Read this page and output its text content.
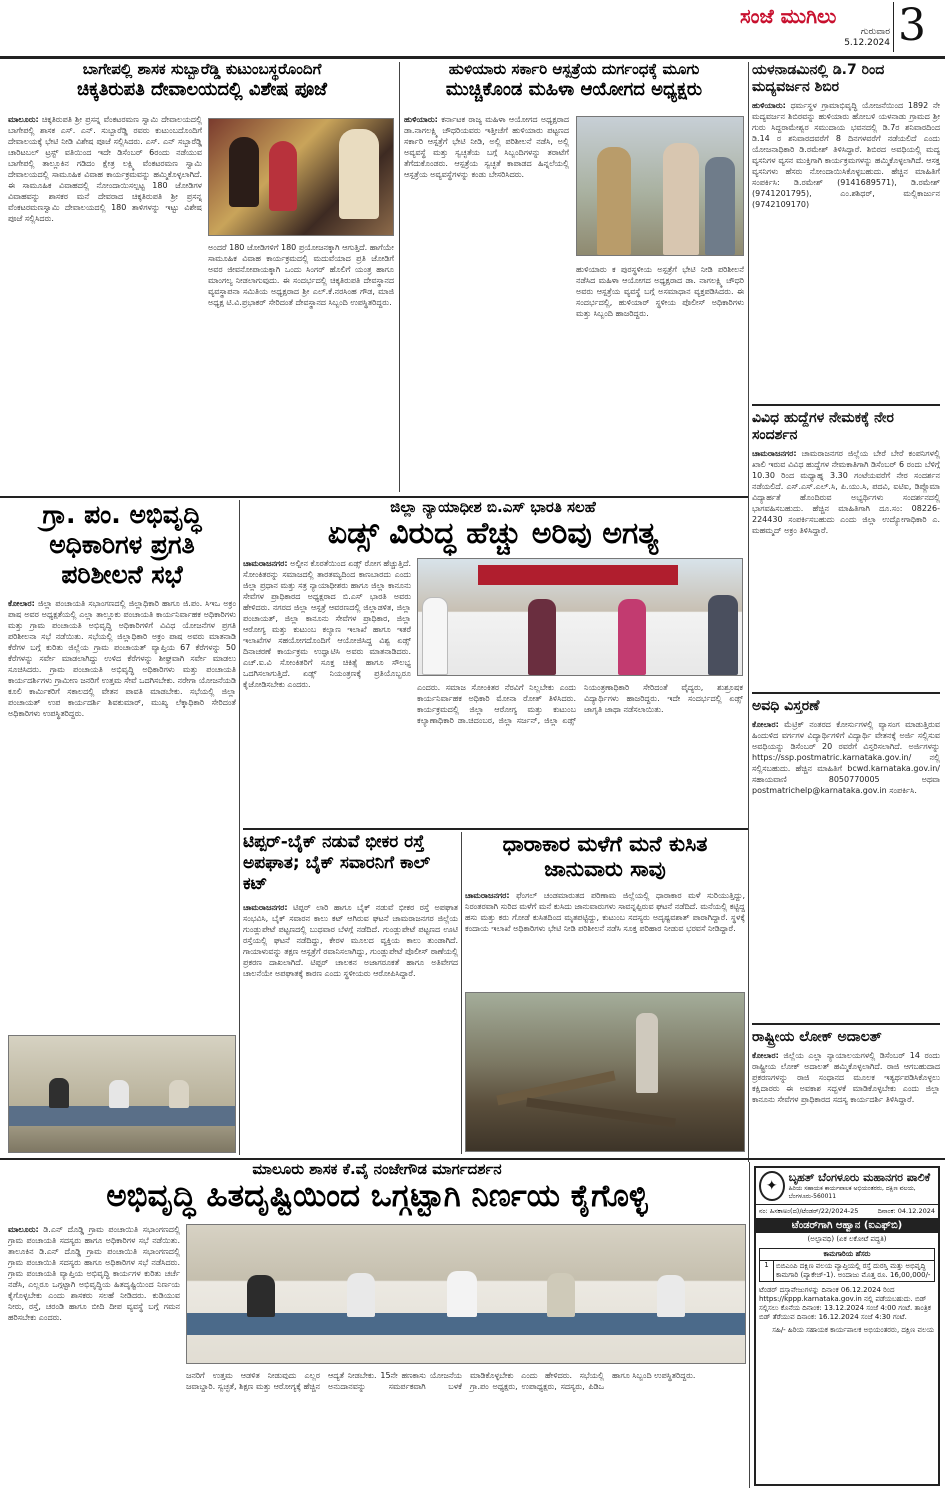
ಸಂಜೆ ಮುಗಿಲು
ಗುರುವಾರ
5.12.2024 3
ಬಾಗೇಪಲ್ಲಿ ಶಾಸಕ ಸುಬ್ಬಾರೆಡ್ಡಿ ಕುಟುಂಬಸ್ಥರೊಂದಿಗೆ
ಚಿಕ್ಕತಿರುಪತಿ ದೇವಾಲಯದಲ್ಲಿ ವಿಶೇಷ ಪೂಜೆ
ಮಾಲೂರು: ಚಿಕ್ಕತಿರುಪತಿ ಶ್ರೀ ಪ್ರಸನ್ನ ವೆಂಕಟರಮಣ ಸ್ವಾಮಿ ದೇವಾಲಯದಲ್ಲಿ ಬಾಗೇಪಲ್ಲಿ ಶಾಸಕ ಎಸ್. ಎನ್. ಸುಬ್ಬಾರೆಡ್ಡಿ ರವರು ಕುಟುಂಬದೊಂದಿಗೆ ದೇವಾಲಯಕ್ಕೆ ಭೇಟಿ ನೀಡಿ ವಿಶೇಷ ಪೂಜೆ ಸಲ್ಲಿಸಿದರು. ಎಸ್. ಎನ್ ಸಬ್ಬಾರೆಡ್ಡಿ ಚಾರಿಟಬಲ್ ಟ್ರಸ್ಟ್ ವತಿಯಿಂದ ಇದೇ ಡಿಸೆಂಬರ್ 6ರಂದು ನಡೆಯುವ ಬಾಗೇಪಲ್ಲಿ ತಾಲ್ಲೂಕಿನ ಗಡಿದಂ ಕ್ಷೇತ್ರ ಲಕ್ಷ್ಮಿ ವೆಂಕಟರಮಣ ಸ್ವಾಮಿ ದೇವಾಲಯದಲ್ಲಿ ಸಾಮೂಹಿಕ ವಿವಾಹ ಕಾರ್ಯಕ್ರಮವನ್ನು ಹಮ್ಮಿಕೊಳ್ಳಲಾಗಿದೆ. ಈ ಸಾಮೂಹಿಕ ವಿವಾಹದಲ್ಲಿ ನೋಂದಾಯಿಸಲ್ಪಟ್ಟ 180 ಜೋಡಿಗಳ ವಿವಾಹವನ್ನು ಶಾಸಕರ ಮನೆ ದೇವರಾದ ಚಿಕ್ಕತಿರುಪತಿ ಶ್ರೀ ಪ್ರಸನ್ನ ವೆಂಕಟರಮಣಸ್ವಾಮಿ ದೇವಾಲಯದಲ್ಲಿ 180 ತಾಳಿಗಳನ್ನು ಇಟ್ಟು ವಿಶೇಷ ಪೂಜೆ ಸಲ್ಲಿಸಿದರು.
ಅಂದರೆ 180 ಜೋಡಿಗಳಿಗೆ 180 ಪ್ರಯೋಜನಕ್ಕಾಗಿ ಆಗುತ್ತಿದೆ. ಹಾಗೆಯೇ ಸಾಮೂಹಿಕ ವಿವಾಹ ಕಾರ್ಯಕ್ರಮದಲ್ಲಿ ಮದುವೆಯಾದ ಪ್ರತಿ ಜೋಡಿಗೆ ಅವರ ಜೀವನೋಪಾಯಕ್ಕಾಗಿ ಒಂದು ಸಿಂಗರ್ ಹೊಲಿಗೆ ಯಂತ್ರ ಹಾಗೂ ಮಾಂಗಲ್ಯ ನೀಡಲಾಗುವುದು. ಈ ಸಂದರ್ಭದಲ್ಲಿ ಚಿಕ್ಕತಿರುಪತಿ ದೇವಸ್ಥಾನದ ವ್ಯವಸ್ಥಾಪನಾ ಸಮಿತಿಯ ಅಧ್ಯಕ್ಷರಾದ ಶ್ರೀ ಎಲ್.ಕೆ.ನರಸಿಂಹ ಗೌಡ, ಮಾಜಿ ಅಧ್ಯಕ್ಷ ಟಿ.ವಿ.ಪ್ರಭಾಕರ್ ಸೇರಿದಂತೆ ದೇವಸ್ಥಾನದ ಸಿಬ್ಬಂದಿ ಉಪಸ್ಥಿತರಿದ್ದರು.
ಹುಳಿಯಾರು ಸರ್ಕಾರಿ ಆಸ್ಪತ್ರೆಯ ದುರ್ಗಂಧಕ್ಕೆ ಮೂಗು
ಮುಚ್ಚಿಕೊಂಡ ಮಹಿಳಾ ಆಯೋಗದ ಅಧ್ಯಕ್ಷರು
ಹುಳಿಯಾರು: ಕರ್ನಾಟಕ ರಾಜ್ಯ ಮಹಿಳಾ ಆಯೋಗದ ಅಧ್ಯಕ್ಷರಾದ ಡಾ.ನಾಗಲಕ್ಷ್ಮಿ ಚೌಧರಿಯವರು ಇತ್ತೀಚೆಗೆ ಹುಳಿಯಾರು ಪಟ್ಟಣದ ಸರ್ಕಾರಿ ಆಸ್ಪತ್ರೆಗೆ ಭೇಟಿ ನೀಡಿ, ಅಲ್ಲಿ ಪರಿಶೀಲನೆ ನಡೆಸಿ, ಅಲ್ಲಿ ಅವ್ಯವಸ್ಥೆ ಮತ್ತು ಸ್ವಚ್ಛತೆಯ ಬಗ್ಗೆ ಸಿಬ್ಬಂದಿಗಳನ್ನು ತರಾಟೆಗೆ ತೆಗೆದುಕೊಂಡರು. ಆಸ್ಪತ್ರೆಯ ಸ್ವಚ್ಛತೆ ಕಾಪಾಡದ ಹಿನ್ನಲೆಯಲ್ಲಿ ಆಸ್ಪತ್ರೆಯ ಅವ್ಯವಸ್ಥೆಗಳನ್ನು ಕಂಡು ಬೇಸರಿಸಿದರು.
ಹುಳಿಯಾರು ಕ ಪುರಸ್ಥಳೀಯ ಅಸ್ಪತ್ರೆಗೆ ಭೇಟಿ ನೀಡಿ ಪರಿಶೀಲನೆ ನಡೆಸಿದ ಮಹಿಳಾ ಆಯೋಗದ ಅಧ್ಯಕ್ಷರಾದ ಡಾ. ನಾಗಲಕ್ಷ್ಮಿ ಚೌಧರಿ ಅವರು ಆಸ್ಪತ್ರೆಯ ವ್ಯವಸ್ಥೆ ಬಗ್ಗೆ ಅಸಮಾಧಾನ ವ್ಯಕ್ತಪಡಿಸಿದರು. ಈ ಸಂದರ್ಭದಲ್ಲಿ, ಹುಳಿಯಾರ್ ಸ್ಥಳೀಯ ಪೊಲೀಸ್ ಅಧಿಕಾರಿಗಳು ಮತ್ತು ಸಿಬ್ಬಂದಿ ಹಾಜರಿದ್ದರು.
ಯಳನಾಡಮಿನಲ್ಲಿ ಡಿ.7 ರಿಂದ ಮದ್ಯವರ್ಜನ ಶಿಬಿರ
ಹುಳಿಯಾರು: ಧರ್ಮಸ್ಥಳ ಗ್ರಾಮಾಭಿವೃದ್ಧಿ ಯೋಜನೆಯಿಂದ 1892 ನೇ ಮದ್ಯವರ್ಜನ ಶಿಬಿರವನ್ನು ಹುಳಿಯಾರು ಹೋಬಳಿ ಯಳನಾಡು ಗ್ರಾಮದ ಶ್ರೀ ಗುರು ಸಿದ್ದರಾಮೇಶ್ವರ ಸಮುದಾಯ ಭವನದಲ್ಲಿ ಡಿ.7ರ ಶನಿವಾರದಿಂದ ಡಿ.14 ರ ಶನಿವಾರದವರೆಗೆ 8 ದಿನಗಳವರೆಗೆ ನಡೆಯಲಿದೆ ಎಂದು ಯೋಜನಾಧಿಕಾರಿ ಡಿ.ರಮೇಶ್ ತಿಳಿಸಿದ್ದಾರೆ. ಶಿಬಿರದ ಅವಧಿಯಲ್ಲಿ ಮದ್ಯ ವ್ಯಸನಿಗಳ ವ್ಯಸನ ಮುಕ್ತಿಗಾಗಿ ಕಾರ್ಯಕ್ರಮಗಳನ್ನು ಹಮ್ಮಿಕೊಳ್ಳಲಾಗಿದೆ. ಆಸಕ್ತ ವ್ಯಸನಿಗಳು ಹೆಸರು ನೋಂದಾಯಿಸಿಕೊಳ್ಳಬಹುದು. ಹೆಚ್ಚಿನ ಮಾಹಿತಿಗೆ ಸಂಪರ್ಕಿಸಿ: ಡಿ.ರಮೇಶ್ (9141689571), ಡಿ.ರಮೇಶ್ (9741201795), ಎಂ.ಶಶಿಧರ್, ಮಲ್ಲಿಕಾರ್ಜುನ (9742109170)
ವಿವಿಧ ಹುದ್ದೆಗಳ ನೇಮಕಕ್ಕೆ ನೇರ ಸಂದರ್ಶನ
ಚಾಮರಾಜನಗರ: ಚಾಮರಾಜನಗರ ಜಿಲ್ಲೆಯ ಬೇರೆ ಬೇರೆ ಕಂಪನಿಗಳಲ್ಲಿ ಖಾಲಿ ಇರುವ ವಿವಿಧ ಹುದ್ದೆಗಳ ನೇಮಕಾತಿಗಾಗಿ ಡಿಸೆಂಬರ್ 6 ರಂದು ಬೆಳಿಗ್ಗೆ 10.30 ರಿಂದ ಮಧ್ಯಾಹ್ನ 3.30 ಗಂಟೆಯವರೆಗೆ ನೇರ ಸಂದರ್ಶನ ನಡೆಯಲಿದೆ. ಎಸ್.ಎಸ್.ಎಲ್.ಸಿ, ಪಿ.ಯು.ಸಿ, ಪದವಿ, ಐಟಿಐ, ಡಿಪ್ಲೊಮಾ ವಿದ್ಯಾರ್ಹತೆ ಹೊಂದಿರುವ ಅಭ್ಯರ್ಥಿಗಳು ಸಂದರ್ಶನದಲ್ಲಿ ಭಾಗವಹಿಸಬಹುದು. ಹೆಚ್ಚಿನ ಮಾಹಿತಿಗಾಗಿ ದೂ.ಸಂ: 08226-224430 ಸಂಪರ್ಕಿಸಬಹುದು ಎಂದು ಜಿಲ್ಲಾ ಉದ್ಯೋಗಾಧಿಕಾರಿ ಎ. ಮಹಮ್ಮದ್ ಅಕ್ರಂ ತಿಳಿಸಿದ್ದಾರೆ.
ಅವಧಿ ವಿಸ್ತರಣೆ
ಕೋಲಾರ: ಮೆಟ್ರಿಕ್ ನಂತರದ ಕೋರ್ಸುಗಳಲ್ಲಿ ವ್ಯಾಸಂಗ ಮಾಡುತ್ತಿರುವ ಹಿಂದುಳಿದ ವರ್ಗಗಳ ವಿದ್ಯಾರ್ಥಿಗಳಿಗೆ ವಿದ್ಯಾರ್ಥಿ ವೇತನಕ್ಕೆ ಅರ್ಜಿ ಸಲ್ಲಿಸುವ ಅವಧಿಯನ್ನು ಡಿಸೆಂಬರ್ 20 ರವರೆಗೆ ವಿಸ್ತರಿಸಲಾಗಿದೆ. ಅರ್ಜಿಗಳನ್ನು https://ssp.postmatric.karnataka.gov.in/ ನಲ್ಲಿ ಸಲ್ಲಿಸಬಹುದು. ಹೆಚ್ಚಿನ ಮಾಹಿತಿಗೆ bcwd.karnataka.gov.in/ ಸಹಾಯವಾಣಿ 8050770005 ಅಥವಾ postmatrichelp@karnataka.gov.in ಸಂಪರ್ಕಿಸಿ.
ರಾಷ್ಟ್ರೀಯ ಲೋಕ್ ಅದಾಲತ್
ಕೋಲಾರ: ಜಿಲ್ಲೆಯ ಎಲ್ಲಾ ನ್ಯಾಯಾಲಯಗಳಲ್ಲಿ ಡಿಸೆಂಬರ್ 14 ರಂದು ರಾಷ್ಟ್ರೀಯ ಲೋಕ್ ಅದಾಲತ್ ಹಮ್ಮಿಕೊಳ್ಳಲಾಗಿದೆ. ರಾಜಿ ಆಗಬಹುದಾದ ಪ್ರಕರಣಗಳನ್ನು ರಾಜಿ ಸಂಧಾನದ ಮೂಲಕ ಇತ್ಯರ್ಥಪಡಿಸಿಕೊಳ್ಳಲು ಕಕ್ಷಿದಾರರು ಈ ಅವಕಾಶ ಸದ್ಬಳಕೆ ಮಾಡಿಕೊಳ್ಳಬೇಕು ಎಂದು ಜಿಲ್ಲಾ ಕಾನೂನು ಸೇವೆಗಳ ಪ್ರಾಧಿಕಾರದ ಸದಸ್ಯ ಕಾರ್ಯದರ್ಶಿ ತಿಳಿಸಿದ್ದಾರೆ.
ಗ್ರಾ. ಪಂ. ಅಭಿವೃದ್ಧಿ ಅಧಿಕಾರಿಗಳ ಪ್ರಗತಿ ಪರಿಶೀಲನೆ ಸಭೆ
ಕೋಲಾರ: ಜಿಲ್ಲಾ ಪಂಚಾಯತಿ ಸಭಾಂಗಣದಲ್ಲಿ ಜಿಲ್ಲಾಧಿಕಾರಿ ಹಾಗೂ ಜಿ.ಪಂ. ಸಿಇಒ ಅಕ್ರಂ ಪಾಷ ಅವರ ಅಧ್ಯಕ್ಷತೆಯಲ್ಲಿ ಎಲ್ಲಾ ತಾಲ್ಲೂಕು ಪಂಚಾಯತಿ ಕಾರ್ಯನಿರ್ವಾಹಕ ಅಧಿಕಾರಿಗಳು ಮತ್ತು ಗ್ರಾಮ ಪಂಚಾಯತಿ ಅಭಿವೃದ್ಧಿ ಅಧಿಕಾರಿಗಳಿಗೆ ವಿವಿಧ ಯೋಜನೆಗಳ ಪ್ರಗತಿ ಪರಿಶೀಲನಾ ಸಭೆ ನಡೆಯಿತು. ಸಭೆಯಲ್ಲಿ ಜಿಲ್ಲಾಧಿಕಾರಿ ಅಕ್ರಂ ಪಾಷ ಅವರು ಮಾತನಾಡಿ ಕೆರೆಗಳ ಬಗ್ಗೆ ಕುರಿತು ಜಿಲ್ಲೆಯ ಗ್ರಾಮ ಪಂಚಾಯತ್ ವ್ಯಾಪ್ತಿಯ 67 ಕೆರೆಗಳನ್ನು 50 ಕೆರೆಗಳನ್ನು ಸರ್ವೇ ಮಾಡಲಾಗಿದ್ದು ಉಳಿದ ಕೆರೆಗಳನ್ನು ಶೀಘ್ರವಾಗಿ ಸರ್ವೇ ಮಾಡಲು ಸೂಚಿಸಿದರು. ಗ್ರಾಮ ಪಂಚಾಯತಿ ಅಭಿವೃದ್ಧಿ ಅಧಿಕಾರಿಗಳು ಮತ್ತು ಪಂಚಾಯತಿ ಕಾರ್ಯದರ್ಶಿಗಳು ಗ್ರಾಮೀಣ ಜನರಿಗೆ ಉತ್ತಮ ಸೇವೆ ಒದಗಿಸಬೇಕು. ನರೇಗಾ ಯೋಜನೆಯಡಿ ಕೂಲಿ ಕಾರ್ಮಿಕರಿಗೆ ಸಕಾಲದಲ್ಲಿ ವೇತನ ಪಾವತಿ ಮಾಡಬೇಕು. ಸಭೆಯಲ್ಲಿ ಜಿಲ್ಲಾ ಪಂಚಾಯತ್ ಉಪ ಕಾರ್ಯದರ್ಶಿ ಶಿವಕುಮಾರ್, ಮುಖ್ಯ ಲೆಕ್ಕಾಧಿಕಾರಿ ಸೇರಿದಂತೆ ಅಧಿಕಾರಿಗಳು ಉಪಸ್ಥಿತರಿದ್ದರು.
ಜಿಲ್ಲಾ ನ್ಯಾಯಾಧೀಶ ಬಿ.ಎಸ್ ಭಾರತಿ ಸಲಹೆ
ಏಡ್ಸ್ ವಿರುದ್ಧ ಹೆಚ್ಚು ಅರಿವು ಅಗತ್ಯ
ಚಾಮರಾಜನಗರ: ಅಲ್ಪೀನ ಕೊರತೆಯಿಂದ ಏಡ್ಸ್ ರೋಗ ಹೆಚ್ಚುತ್ತಿದೆ. ಸೋಂಕಿತರನ್ನು ಸಮಾಜದಲ್ಲಿ ತಾರತಮ್ಯದಿಂದ ಕಾಣಬಾರದು ಎಂದು ಜಿಲ್ಲಾ ಪ್ರಧಾನ ಮತ್ತು ಸತ್ರ ನ್ಯಾಯಾಧೀಶರು ಹಾಗೂ ಜಿಲ್ಲಾ ಕಾನೂನು ಸೇವೆಗಳ ಪ್ರಾಧಿಕಾರದ ಅಧ್ಯಕ್ಷರಾದ ಬಿ.ಎಸ್ ಭಾರತಿ ಅವರು ಹೇಳಿದರು. ನಗರದ ಜಿಲ್ಲಾ ಆಸ್ಪತ್ರೆ ಆವರಣದಲ್ಲಿ ಜಿಲ್ಲಾಡಳಿತ, ಜಿಲ್ಲಾ ಪಂಚಾಯತ್, ಜಿಲ್ಲಾ ಕಾನೂನು ಸೇವೆಗಳ ಪ್ರಾಧಿಕಾರ, ಜಿಲ್ಲಾ ಆರೋಗ್ಯ ಮತ್ತು ಕುಟುಂಬ ಕಲ್ಯಾಣ ಇಲಾಖೆ ಹಾಗೂ ಇತರೆ ಇಲಾಖೆಗಳ ಸಹಯೋಗದೊಂದಿಗೆ ಆಯೋಜಿಸಿದ್ದ ವಿಶ್ವ ಏಡ್ಸ್ ದಿನಾಚರಣೆ ಕಾರ್ಯಕ್ರಮ ಉದ್ಘಾಟಿಸಿ ಅವರು ಮಾತನಾಡಿದರು. ಎಚ್.ಐ.ವಿ ಸೋಂಕಿತರಿಗೆ ಸೂಕ್ತ ಚಿಕಿತ್ಸೆ ಹಾಗೂ ಸೌಲಭ್ಯ ಒದಗಿಸಲಾಗುತ್ತಿದೆ. ಏಡ್ಸ್ ನಿಯಂತ್ರಣಕ್ಕೆ ಪ್ರತಿಯೊಬ್ಬರೂ ಕೈಜೋಡಿಸಬೇಕು ಎಂದರು.	ಎಂದರು. ಸಮಾಜ ಸೋಂಕಿತರ ನೆರವಿಗೆ ನಿಲ್ಲಬೇಕು ಎಂದು ಕಾರ್ಯನಿರ್ವಾಹಕ ಅಧಿಕಾರಿ ಮೋನಾ ರೋತ್ ತಿಳಿಸಿದರು. ಕಾರ್ಯಕ್ರಮದಲ್ಲಿ ಜಿಲ್ಲಾ ಆರೋಗ್ಯ ಮತ್ತು ಕುಟುಂಬ ಕಲ್ಯಾಣಾಧಿಕಾರಿ ಡಾ.ಚಿದಂಬರ, ಜಿಲ್ಲಾ ಸರ್ಜನ್, ಜಿಲ್ಲಾ ಏಡ್ಸ್ ನಿಯಂತ್ರಣಾಧಿಕಾರಿ ಸೇರಿದಂತೆ ವೈದ್ಯರು, ಶುಶ್ರೂಷಕ ವಿದ್ಯಾರ್ಥಿಗಳು ಹಾಜರಿದ್ದರು. ಇದೇ ಸಂದರ್ಭದಲ್ಲಿ ಏಡ್ಸ್ ಜಾಗೃತಿ ಜಾಥಾ ನಡೆಸಲಾಯಿತು.
ಟಿಪ್ಪರ್-ಬೈಕ್ ನಡುವೆ ಭೀಕರ ರಸ್ತೆ ಅಪಘಾತ; ಬೈಕ್ ಸವಾರನಿಗೆ ಕಾಲ್ ಕಟ್
ಚಾಮರಾಜನಗರ: ಟಿಪ್ಪರ್ ಲಾರಿ ಹಾಗೂ ಬೈಕ್ ನಡುವೆ ಭೀಕರ ರಸ್ತೆ ಅಪಘಾತ ಸಂಭವಿಸಿ, ಬೈಕ್ ಸವಾರನ ಕಾಲು ಕಟ್ ಆಗಿರುವ ಘಟನೆ ಚಾಮರಾಜನಗರ ಜಿಲ್ಲೆಯ ಗುಂಡ್ಲುಪೇಟೆ ಪಟ್ಟಣದಲ್ಲಿ ಬುಧವಾರ ಬೆಳಗ್ಗೆ ನಡೆದಿದೆ. ಗುಂಡ್ಲುಪೇಟೆ ಪಟ್ಟಣದ ಊಟಿ ರಸ್ತೆಯಲ್ಲಿ ಘಟನೆ ನಡೆದಿದ್ದು, ಕೇರಳ ಮೂಲದ ವ್ಯಕ್ತಿಯ ಕಾಲು ತುಂಡಾಗಿದೆ. ಗಾಯಾಳುವನ್ನು ತಕ್ಷಣ ಆಸ್ಪತ್ರೆಗೆ ರವಾನಿಸಲಾಗಿದ್ದು, ಗುಂಡ್ಲುಪೇಟೆ ಪೊಲೀಸ್ ಠಾಣೆಯಲ್ಲಿ ಪ್ರಕರಣ ದಾಖಲಾಗಿದೆ. ಟಿಪ್ಪರ್ ಚಾಲಕನ ಅಜಾಗರೂಕತೆ ಹಾಗೂ ಅತಿವೇಗದ ಚಾಲನೆಯೇ ಅಪಘಾತಕ್ಕೆ ಕಾರಣ ಎಂದು ಸ್ಥಳೀಯರು ಆರೋಪಿಸಿದ್ದಾರೆ.
ಧಾರಾಕಾರ ಮಳೆಗೆ ಮನೆ ಕುಸಿತ ಜಾನುವಾರು ಸಾವು
ಚಾಮರಾಜನಗರ: ಫೆಂಗಲ್ ಚಂಡಮಾರುತದ ಪರಿಣಾಮ ಜಿಲ್ಲೆಯಲ್ಲಿ ಧಾರಾಕಾರ ಮಳೆ ಸುರಿಯುತ್ತಿದ್ದು, ನಿರಂತರವಾಗಿ ಸುರಿದ ಮಳೆಗೆ ಮನೆ ಕುಸಿದು ಜಾನುವಾರುಗಳು ಸಾವನ್ನಪ್ಪಿರುವ ಘಟನೆ ನಡೆದಿದೆ. ಮನೆಯಲ್ಲಿ ಕಟ್ಟಿದ್ದ ಹಸು ಮತ್ತು ಕರು ಗೋಡೆ ಕುಸಿತದಿಂದ ಮೃತಪಟ್ಟಿದ್ದು, ಕುಟುಂಬ ಸದಸ್ಯರು ಅದೃಷ್ಟವಶಾತ್ ಪಾರಾಗಿದ್ದಾರೆ. ಸ್ಥಳಕ್ಕೆ ಕಂದಾಯ ಇಲಾಖೆ ಅಧಿಕಾರಿಗಳು ಭೇಟಿ ನೀಡಿ ಪರಿಶೀಲನೆ ನಡೆಸಿ ಸೂಕ್ತ ಪರಿಹಾರ ನೀಡುವ ಭರವಸೆ ನೀಡಿದ್ದಾರೆ.
ಮಾಲೂರು ಶಾಸಕ ಕೆ.ವೈ ನಂಜೇಗೌಡ ಮಾರ್ಗದರ್ಶನ
ಅಭಿವೃದ್ಧಿ ಹಿತದೃಷ್ಟಿಯಿಂದ ಒಗ್ಗಟ್ಟಾಗಿ ನಿರ್ಣಯ ಕೈಗೊಳ್ಳಿ
ಮಾಲೂರು: ಡಿ.ಎನ್ ದೊಡ್ಡಿ ಗ್ರಾಮ ಪಂಚಾಯಿತಿ ಸಭಾಂಗಣದಲ್ಲಿ ಗ್ರಾಮ ಪಂಚಾಯತಿ ಸದಸ್ಯರು ಹಾಗೂ ಅಧಿಕಾರಿಗಳ ಸಭೆ ನಡೆಯಿತು. ತಾಲೂಕಿನ ಡಿ.ಎನ್ ದೊಡ್ಡಿ ಗ್ರಾಮ ಪಂಚಾಯಿತಿ ಸಭಾಂಗಣದಲ್ಲಿ ಗ್ರಾಮ ಪಂಚಾಯಿತಿ ಸದಸ್ಯರು ಹಾಗೂ ಅಧಿಕಾರಿಗಳ ಸಭೆ ನಡೆಸಿದರು. ಗ್ರಾಮ ಪಂಚಾಯತಿ ವ್ಯಾಪ್ತಿಯ ಅಭಿವೃದ್ಧಿ ಕಾರ್ಯಗಳ ಕುರಿತು ಚರ್ಚೆ ನಡೆಸಿ, ಎಲ್ಲರೂ ಒಗ್ಗಟ್ಟಾಗಿ ಅಭಿವೃದ್ಧಿಯ ಹಿತದೃಷ್ಟಿಯಿಂದ ನಿರ್ಣಯ ಕೈಗೊಳ್ಳಬೇಕು ಎಂದು ಶಾಸಕರು ಸಲಹೆ ನೀಡಿದರು. ಕುಡಿಯುವ ನೀರು, ರಸ್ತೆ, ಚರಂಡಿ ಹಾಗೂ ಬೀದಿ ದೀಪ ವ್ಯವಸ್ಥೆ ಬಗ್ಗೆ ಗಮನ ಹರಿಸಬೇಕು ಎಂದರು.
ಜನರಿಗೆ ಉತ್ತಮ ಆಡಳಿತ ನೀಡುವುದು ಎಲ್ಲರ ಜವಾಬ್ದಾರಿ. ಸ್ವಚ್ಛತೆ, ಶಿಕ್ಷಣ ಮತ್ತು ಆರೋಗ್ಯಕ್ಕೆ ಹೆಚ್ಚಿನ ಆದ್ಯತೆ ನೀಡಬೇಕು. 15ನೇ ಹಣಕಾಸು ಯೋಜನೆಯ ಅನುದಾನವನ್ನು ಸಮರ್ಪಕವಾಗಿ ಬಳಕೆ ಮಾಡಿಕೊಳ್ಳಬೇಕು ಎಂದು ಹೇಳಿದರು. ಸಭೆಯಲ್ಲಿ ಗ್ರಾ.ಪಂ ಅಧ್ಯಕ್ಷರು, ಉಪಾಧ್ಯಕ್ಷರು, ಸದಸ್ಯರು, ಪಿಡಿಒ ಹಾಗೂ ಸಿಬ್ಬಂದಿ ಉಪಸ್ಥಿತರಿದ್ದರು.
✦
ಬೃಹತ್ ಬೆಂಗಳೂರು ಮಹಾನಗರ ಪಾಲಿಕೆ
ಹಿರಿಯ ಸಹಾಯಕ ಕಾರ್ಯಪಾಲಕ ಅಭಿಯಂತರರು, ದಕ್ಷಿಣ ವಲಯ, ಬೆಂಗಳೂರು-560011
ನಂ: ಹಿಸಕಾಅಂ(ದ)/ಟೆಂಡರ್/22/2024-25	ದಿನಾಂಕ: 04.12.2024
ಟೆಂಡರ್‌ಗಾಗಿ ಆಹ್ವಾನ (ಐಎಫ್‌ಬಿ)
(ಅಲ್ಪಾವಧಿ) (ಏಕ ಲಕೋಟೆ ಪದ್ಧತಿ)
ಕಾಮಗಾರಿಯ ಹೆಸರು
1	ಬಿಬಿಎಂಪಿ ದಕ್ಷಿಣ ವಲಯ ವ್ಯಾಪ್ತಿಯಲ್ಲಿ ರಸ್ತೆ ದುರಸ್ತಿ ಮತ್ತು ಅಭಿವೃದ್ಧಿ ಕಾಮಗಾರಿ (ಪ್ಯಾಕೇಜ್-1). ಅಂದಾಜು ಮೊತ್ತ ರೂ. 16,00,000/-
ಟೆಂಡರ್ ದಸ್ತಾವೇಜುಗಳನ್ನು ದಿನಾಂಕ 06.12.2024 ರಿಂದ https://kppp.karnataka.gov.in ನಲ್ಲಿ ಪಡೆಯಬಹುದು. ಬಿಡ್ ಸಲ್ಲಿಸಲು ಕೊನೆಯ ದಿನಾಂಕ: 13.12.2024 ಸಂಜೆ 4:00 ಗಂಟೆ. ತಾಂತ್ರಿಕ ಬಿಡ್ ತೆರೆಯುವ ದಿನಾಂಕ: 16.12.2024 ಸಂಜೆ 4:30 ಗಂಟೆ.
ಸಹಿ/- ಹಿರಿಯ ಸಹಾಯಕ ಕಾರ್ಯಪಾಲಕ ಅಭಿಯಂತರರು, ದಕ್ಷಿಣ ವಲಯ
